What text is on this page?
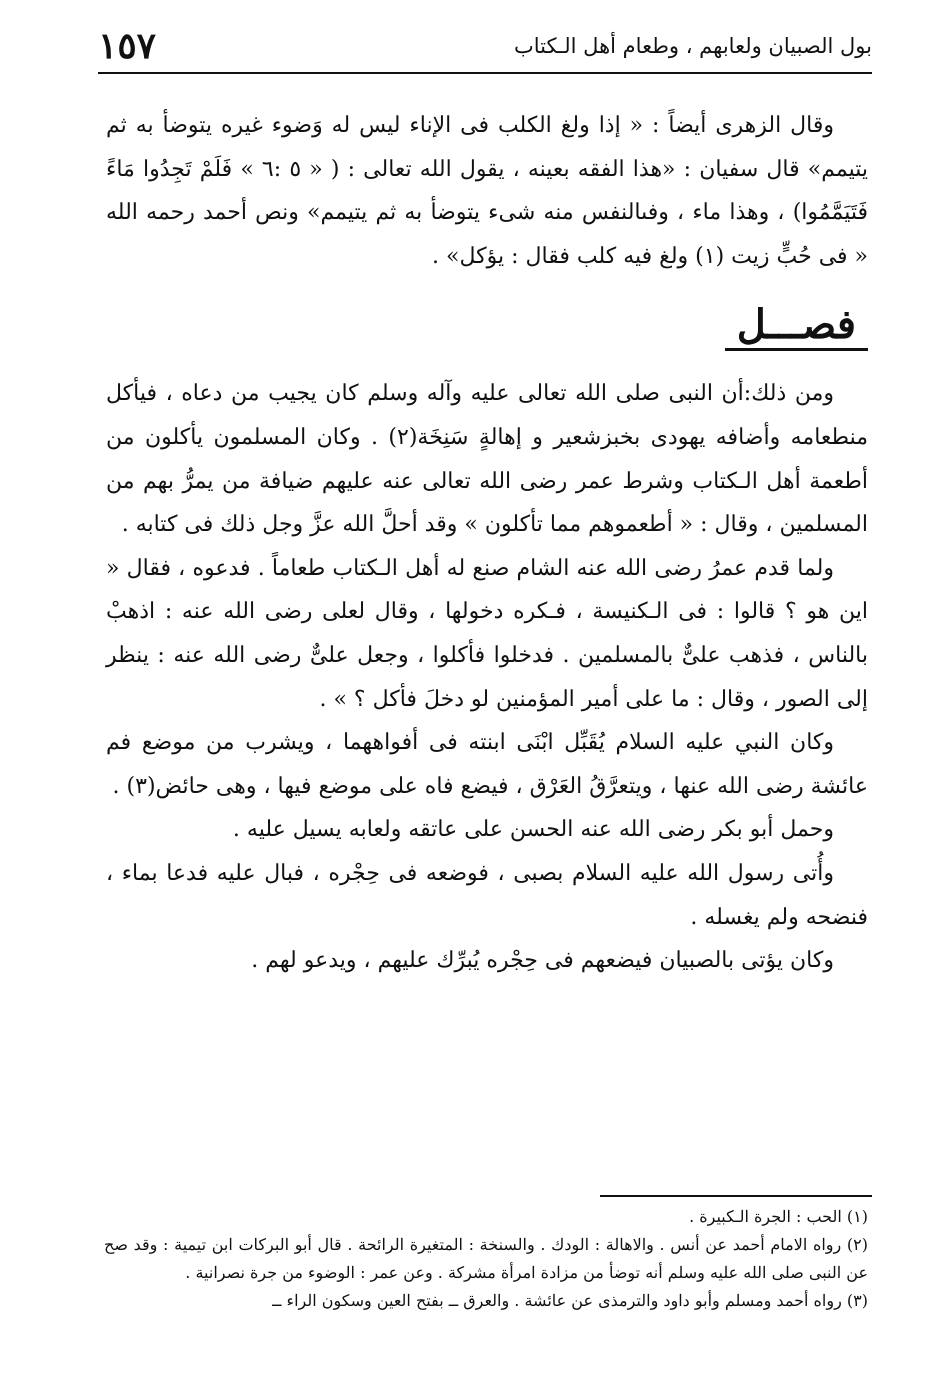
بول الصبيان ولعابهم ، وطعام أهل الـكتاب
١٥٧

وقال الزهرى أيضاً : « إذا ولغ الكلب فى الإناء ليس له وَضوء غيره يتوضأ به ثم يتيمم» قال سفيان : «هذا الفقه بعينه ، يقول الله تعالى : ( « ٥ :٦ » فَلَمْ تَجِدُوا مَاءً فَتَيَمَّمُوا) ، وهذا ماء ، وفىالنفس منه شىء يتوضأ به ثم يتيمم» ونص أحمد رحمه الله « فى حُبٍّ زيت (١) ولغ فيه كلب فقال : يؤكل» .

فصـــل

ومن ذلك:أن النبى صلى الله تعالى عليه وآله وسلم كان يجيب من دعاه ، فيأكل منطعامه وأضافه يهودى بخبزشعير و إهالةٍ سَنِخَة(٢) . وكان المسلمون يأكلون من أطعمة أهل الـكتاب وشرط عمر رضى الله تعالى عنه عليهم ضيافة من يمرُّ بهم من المسلمين ، وقال : « أطعموهم مما تأكلون » وقد أحلَّ الله عزَّ وجل ذلك فى كتابه .

ولما قدم عمرُ رضى الله عنه الشام صنع له أهل الـكتاب طعاماً . فدعوه ، فقال « اين هو ؟ قالوا : فى الـكنيسة ، فـكره دخولها ، وقال لعلى رضى الله عنه : اذهبْ بالناس ، فذهب علىٌّ بالمسلمين . فدخلوا فأكلوا ، وجعل علىٌّ رضى الله عنه : ينظر إلى الصور ، وقال : ما على أمير المؤمنين لو دخلَ فأكل ؟ » .

وكان النبي عليه السلام يُقَبِّل ابْنَى ابنته فى أفواههما ، ويشرب من موضع فم عائشة رضى الله عنها ، ويتعرَّقُ العَرْق ، فيضع فاه على موضع فيها ، وهى حائض(٣) .

وحمل أبو بكر رضى الله عنه الحسن على عاتقه ولعابه يسيل عليه .

وأُتى رسول الله عليه السلام بصبى ، فوضعه فى حِجْره ، فبال عليه فدعا بماء ، فنضحه ولم يغسله .

وكان يؤتى بالصبيان فيضعهم فى حِجْره يُبرِّك عليهم ، ويدعو لهم .

(١) الحب : الجرة الـكبيرة .

(٢) رواه الامام أحمد عن أنس . والاهالة : الودك . والسنخة : المتغيرة الرائحة . قال أبو البركات ابن تيمية : وقد صح عن النبى صلى الله عليه وسلم أنه توضأ من مزادة امرأة مشركة . وعن عمر : الوضوء من جرة نصرانية .

(٣) رواه أحمد ومسلم وأبو داود والترمذى عن عائشة . والعرق ــ بفتح العين وسكون الراء ــ
